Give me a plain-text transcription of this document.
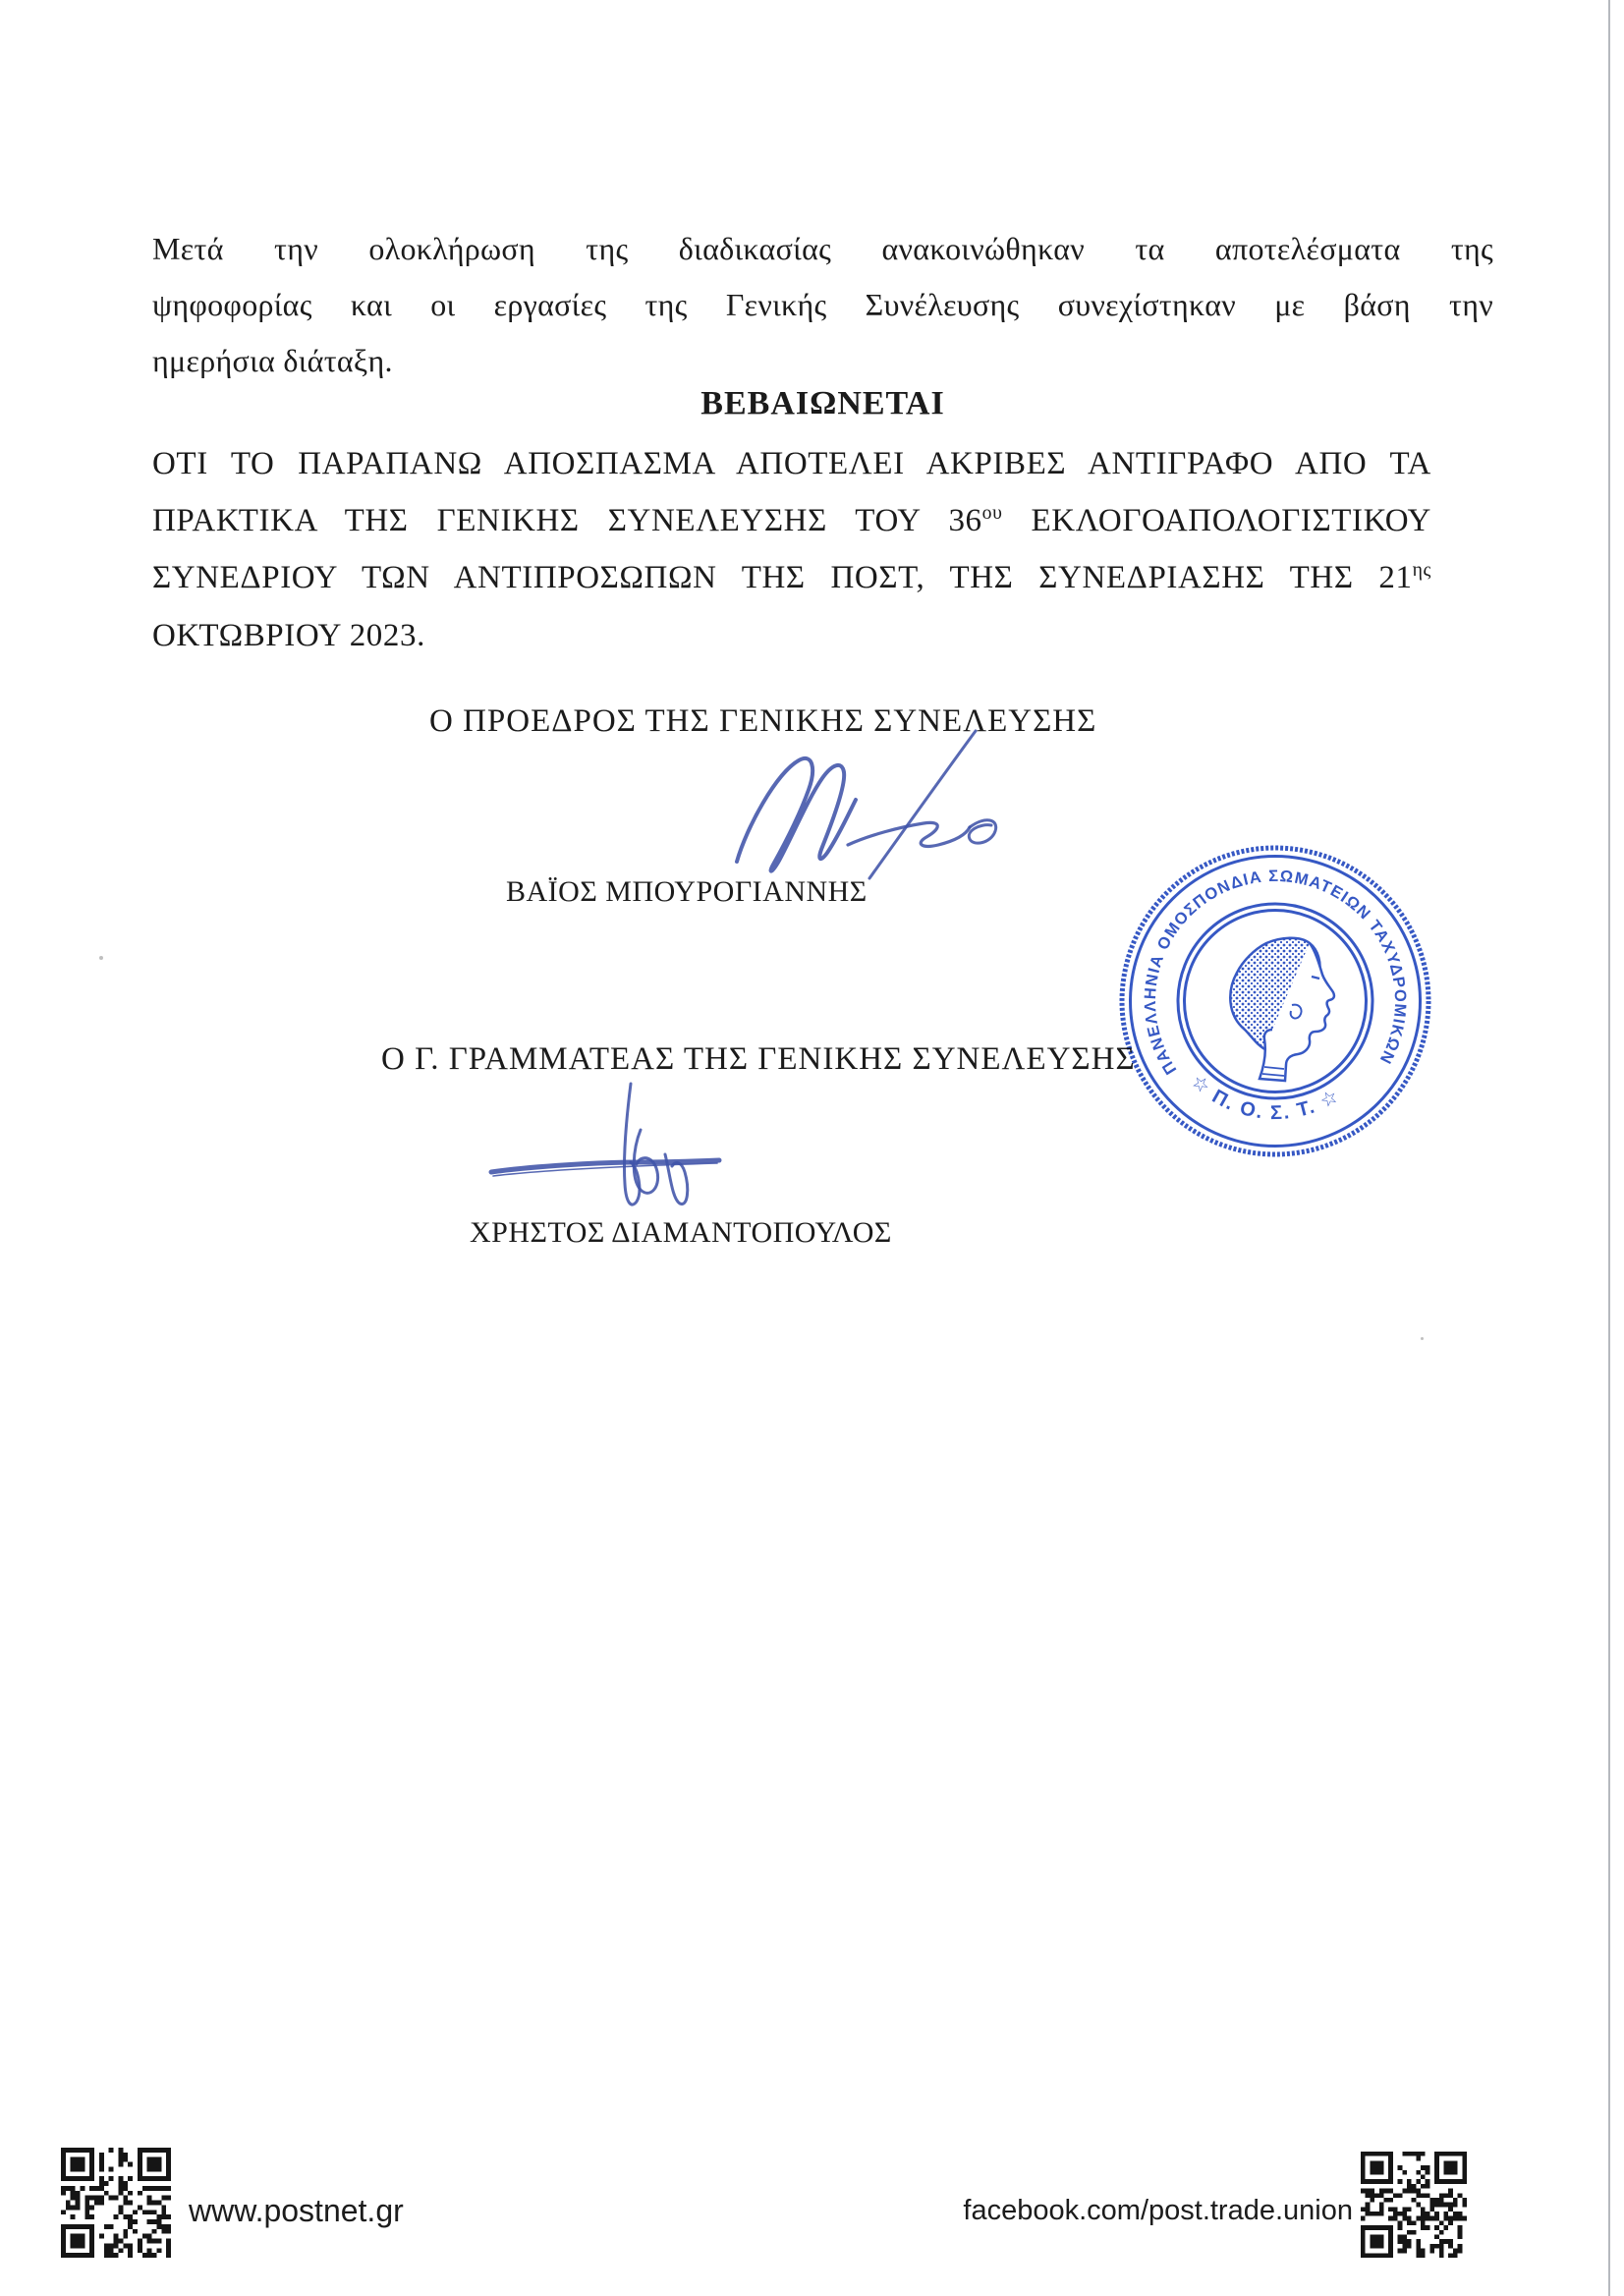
Μετά την ολοκλήρωση της διαδικασίας ανακοινώθηκαν τα αποτελέσματα της
ψηφοφορίας και οι εργασίες της Γενικής Συνέλευσης συνεχίστηκαν με βάση την
ημερήσια διάταξη.
ΒΕΒΑΙΩΝΕΤΑΙ
ΟΤΙ ΤΟ ΠΑΡΑΠΑΝΩ ΑΠΟΣΠΑΣΜΑ ΑΠΟΤΕΛΕΙ ΑΚΡΙΒΕΣ ΑΝΤΙΓΡΑΦΟ ΑΠΟ ΤΑ
ΠΡΑΚΤΙΚΑ ΤΗΣ ΓΕΝΙΚΗΣ ΣΥΝΕΛΕΥΣΗΣ ΤΟΥ $36^{o\upsilon}$ ΕΚΛΟΓΟΑΠΟΛΟΓΙΣΤΙΚΟΥ
ΣΥΝΕΔΡΙΟΥ ΤΩΝ ΑΝΤΙΠΡΟΣΩΠΩΝ ΤΗΣ ΠΟΣΤ, ΤΗΣ ΣΥΝΕΔΡΙΑΣΗΣ ΤΗΣ $21^{\eta\varsigma}$
ΟΚΤΩΒΡΙΟΥ 2023.
Ο ΠΡΟΕΔΡΟΣ ΤΗΣ ΓΕΝΙΚΗΣ ΣΥΝΕΛΕΥΣΗΣ
ΒΑΪΟΣ ΜΠΟΥΡΟΓΙΑΝΝΗΣ
Ο Γ. ΓΡΑΜΜΑΤΕΑΣ ΤΗΣ ΓΕΝΙΚΗΣ ΣΥΝΕΛΕΥΣΗΣ
ΧΡΗΣΤΟΣ ΔΙΑΜΑΝΤΟΠΟΥΛΟΣ
ΠΑΝΕΛΛΗΝΙΑ ΟΜΟΣΠΟΝΔΙΑ ΣΩΜΑΤΕΙΩΝ ΤΑΧΥΔΡΟΜΙΚΩΝ
☆ Π. Ο. Σ. Τ. ☆
www.postnet.gr	facebook.com/post.trade.union
